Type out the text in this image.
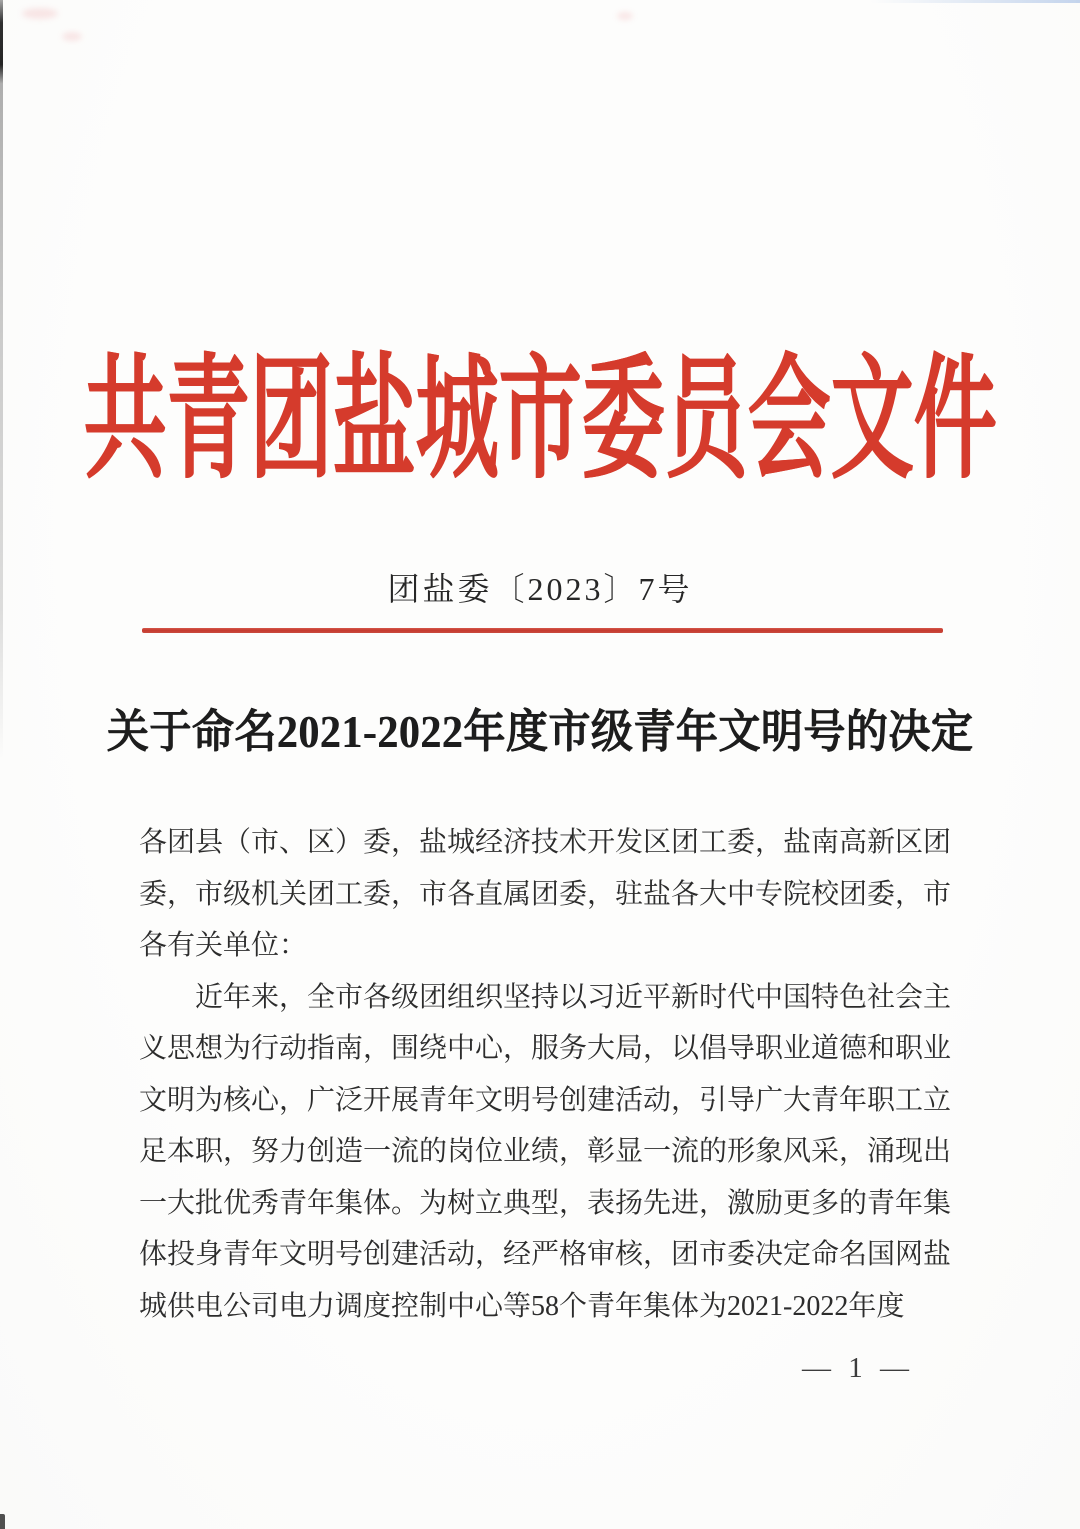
共青团盐城市委员会文件
团盐委〔2023〕7号
关于命名2021-2022年度市级青年文明号的决定

各团县（市、区）委，盐城经济技术开发区团工委，盐南高新区团委，市级机关团工委，市各直属团委，驻盐各大中专院校团委，市各有关单位：

近年来，全市各级团组织坚持以习近平新时代中国特色社会主义思想为行动指南，围绕中心，服务大局，以倡导职业道德和职业文明为核心，广泛开展青年文明号创建活动，引导广大青年职工立足本职，努力创造一流的岗位业绩，彰显一流的形象风采，涌现出一大批优秀青年集体。为树立典型，表扬先进，激励更多的青年集体投身青年文明号创建活动，经严格审核，团市委决定命名国网盐城供电公司电力调度控制中心等58个青年集体为2021-2022年度

— 1 —
